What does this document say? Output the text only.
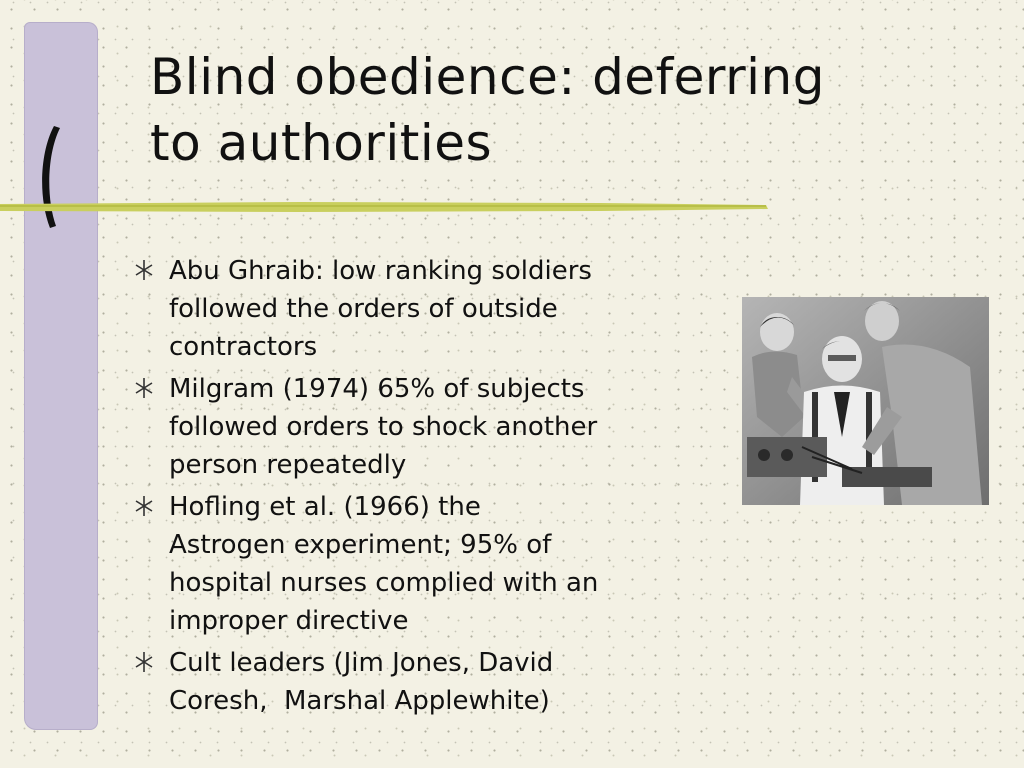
Blind obedience: deferring
to authorities
Abu Ghraib: low ranking soldiers
followed the orders of outside
contractors
Milgram (1974) 65% of subjects
followed orders to shock another
person repeatedly
Hofling et al. (1966) the
Astrogen experiment; 95% of
hospital nurses complied with an
improper directive
Cult leaders (Jim Jones, David
Coresh,  Marshal Applewhite)
